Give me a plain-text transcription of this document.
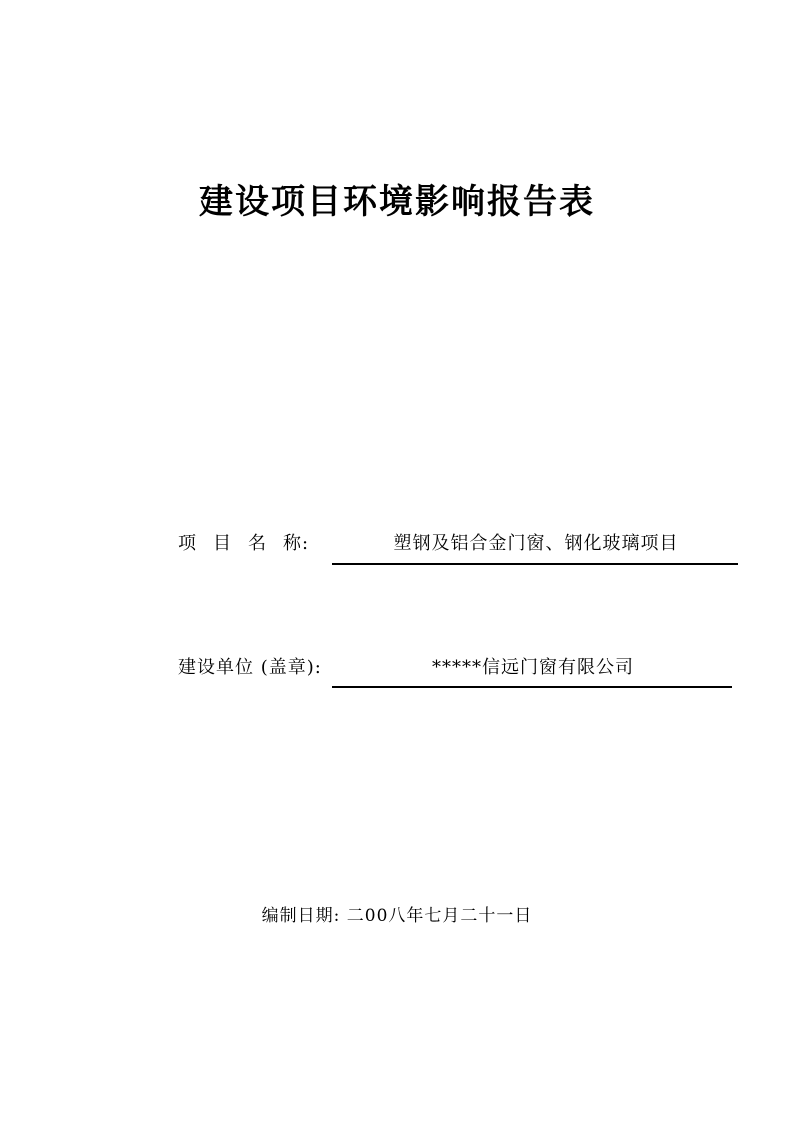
建设项目环境影响报告表
项 目 名 称:	塑钢及铝合金门窗、钢化玻璃项目
建设单位 (盖章):	*****信远门窗有限公司
编制日期: 二00八年七月二十一日
